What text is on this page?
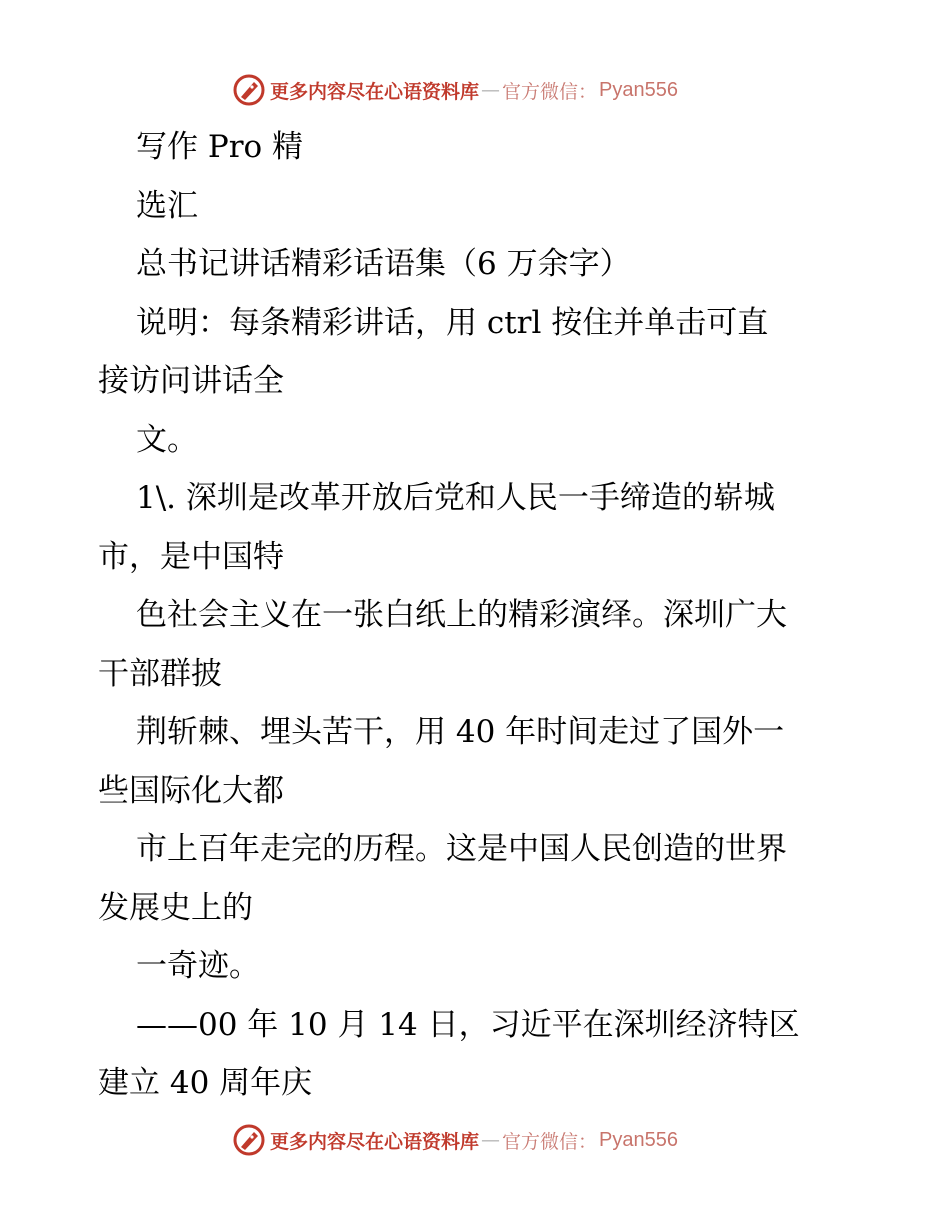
更多内容尽在心语资料库 — 官方微信： Pyan556
写作 Pro 精
选汇
总书记讲话精彩话语集（6 万余字）
说明：每条精彩讲话，用 ctrl 按住并单击可直
接访问讲话全
文。
1\. 深圳是改革开放后党和人民一手缔造的崭城
市，是中国特
色社会主义在一张白纸上的精彩演绎。深圳广大
干部群披
荆斩棘、埋头苦干，用 40 年时间走过了国外一
些国际化大都
市上百年走完的历程。这是中国人民创造的世界
发展史上的
一奇迹。
——00 年 10 月 14 日，习近平在深圳经济特区
建立 40 周年庆
更多内容尽在心语资料库 — 官方微信： Pyan556
